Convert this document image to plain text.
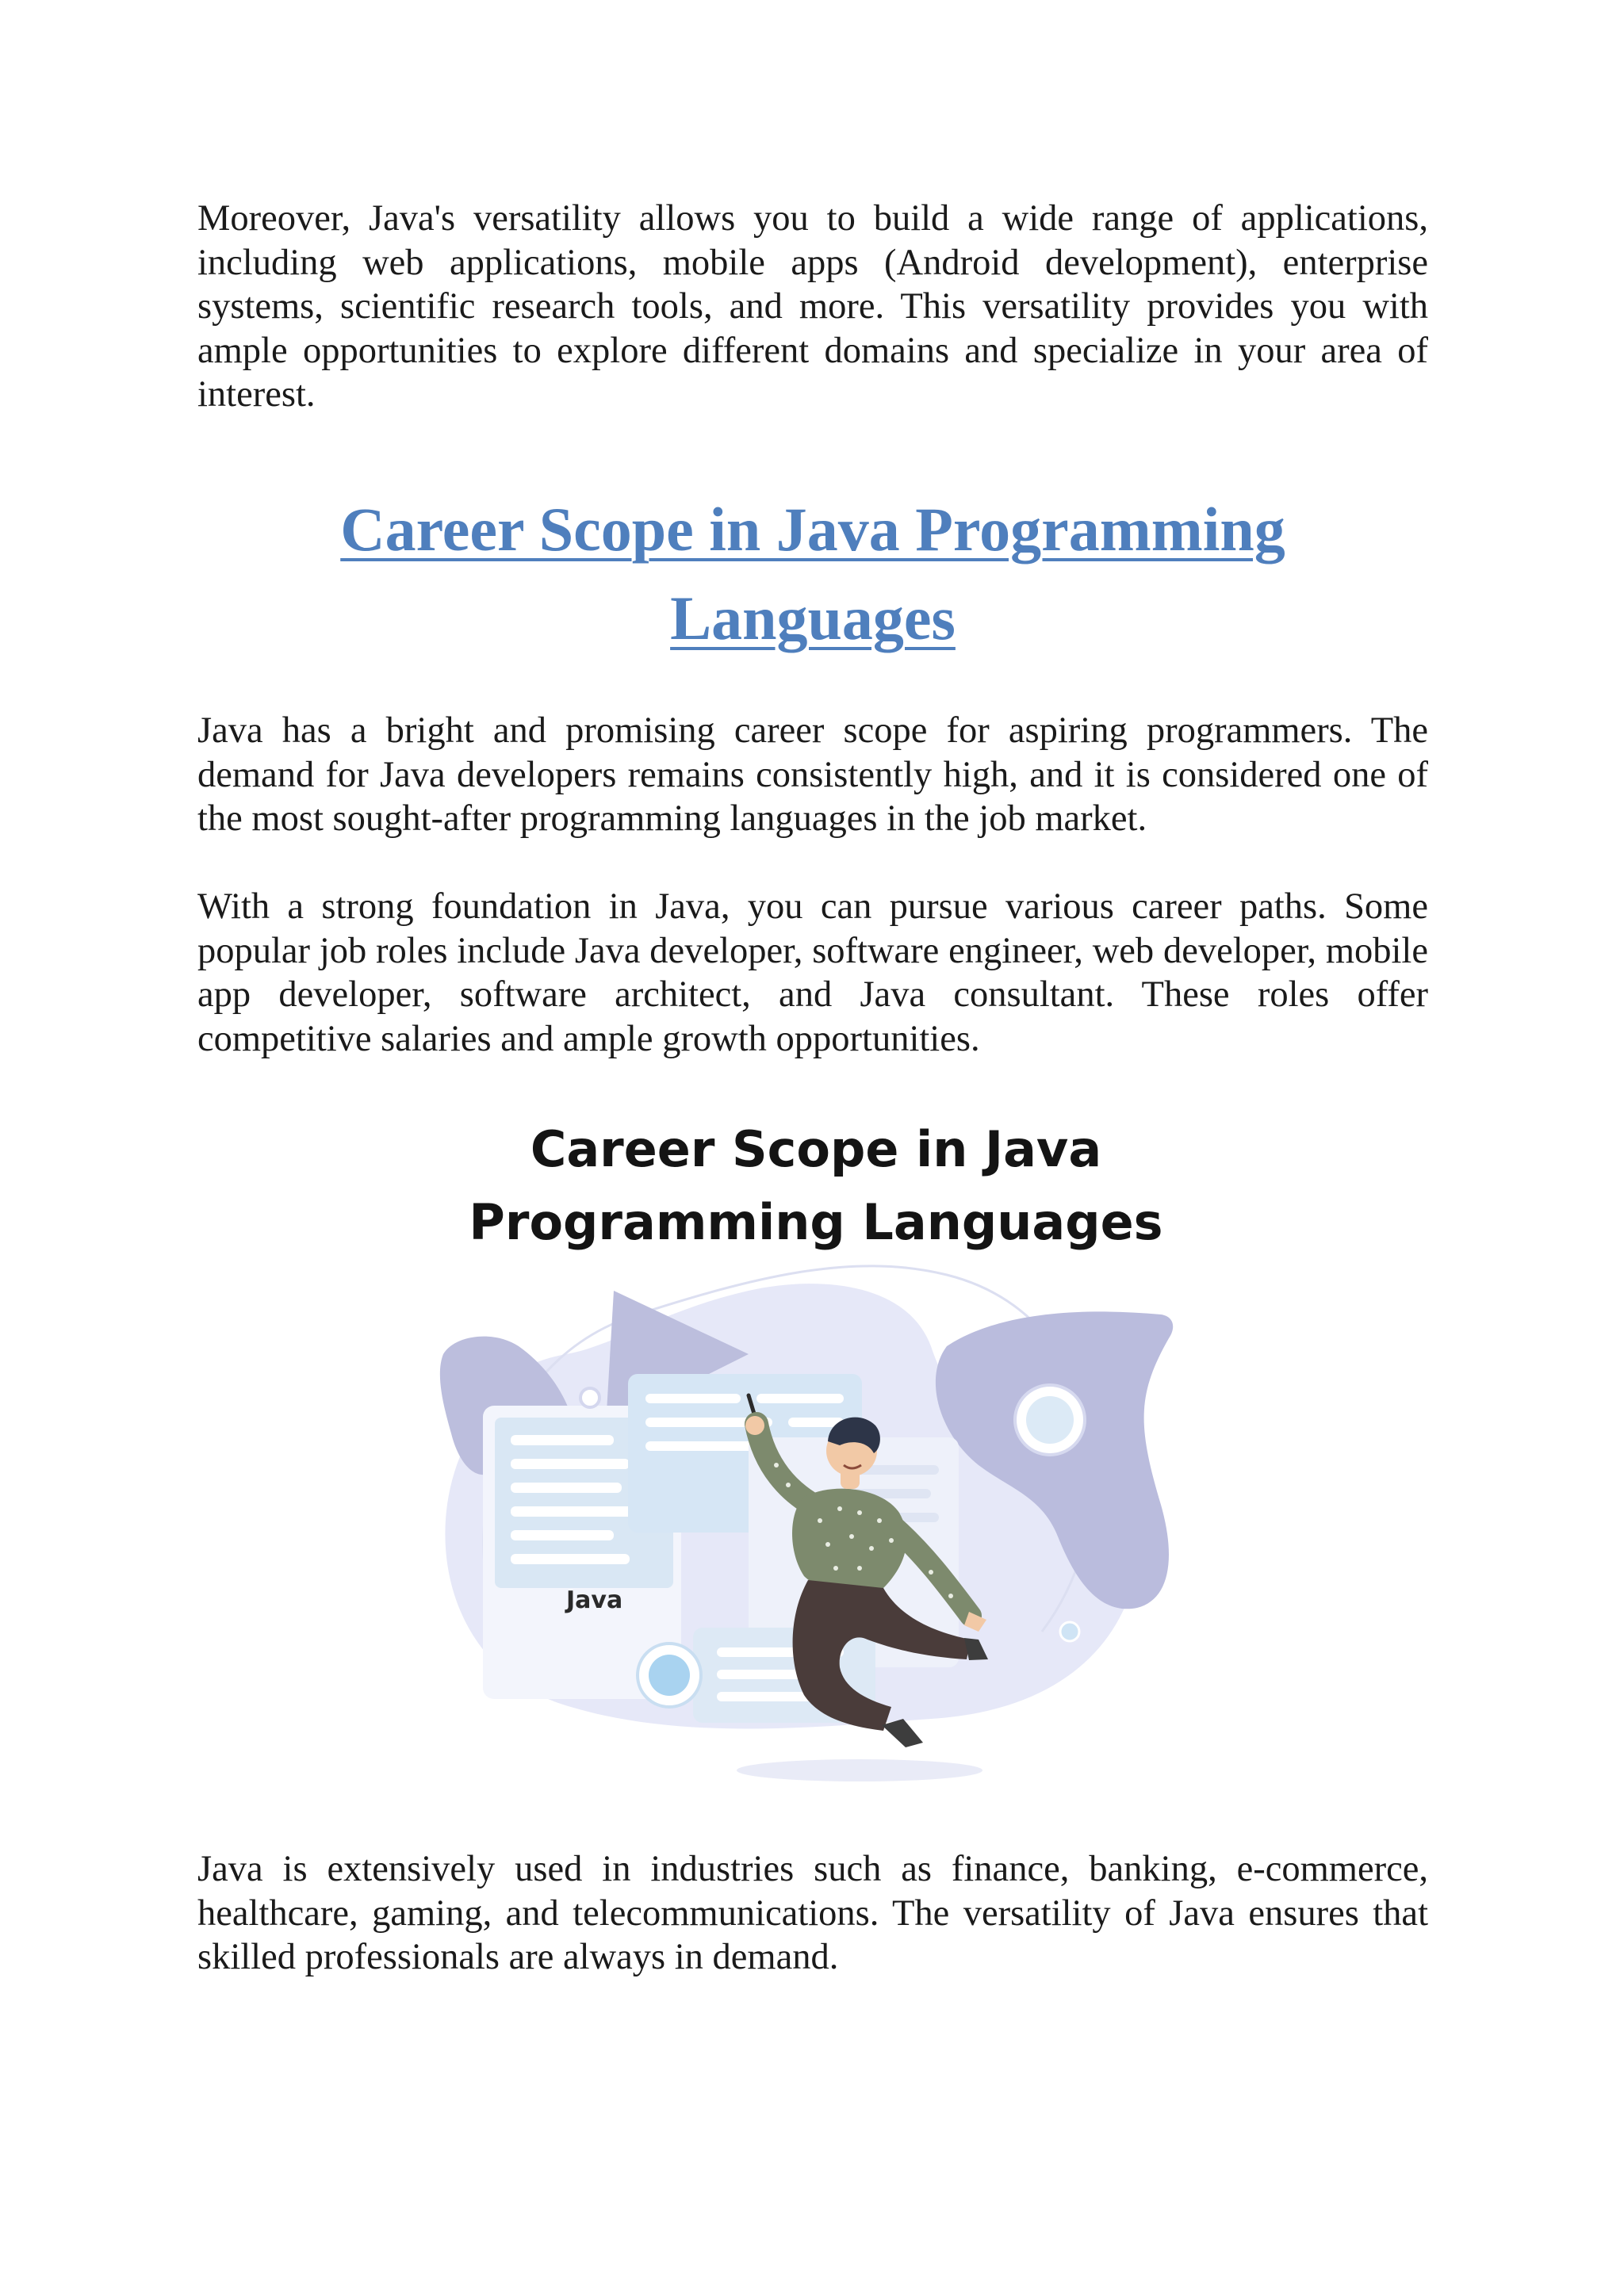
Moreover, Java's versatility allows you to build a wide range of applications, including web applications, mobile apps (Android development), enterprise systems, scientific research tools, and more. This versatility provides you with ample opportunities to explore different domains and specialize in your area of interest.

Career Scope in Java Programming Languages

Java has a bright and promising career scope for aspiring programmers. The demand for Java developers remains consistently high, and it is considered one of the most sought-after programming languages in the job market.

With a strong foundation in Java, you can pursue various career paths. Some popular job roles include Java developer, software engineer, web developer, mobile app developer, software architect, and Java consultant. These roles offer competitive salaries and ample growth opportunities.

Java
Career Scope in Java
Programming Languages

Java is extensively used in industries such as finance, banking, e-commerce, healthcare, gaming, and telecommunications. The versatility of Java ensures that skilled professionals are always in demand.
